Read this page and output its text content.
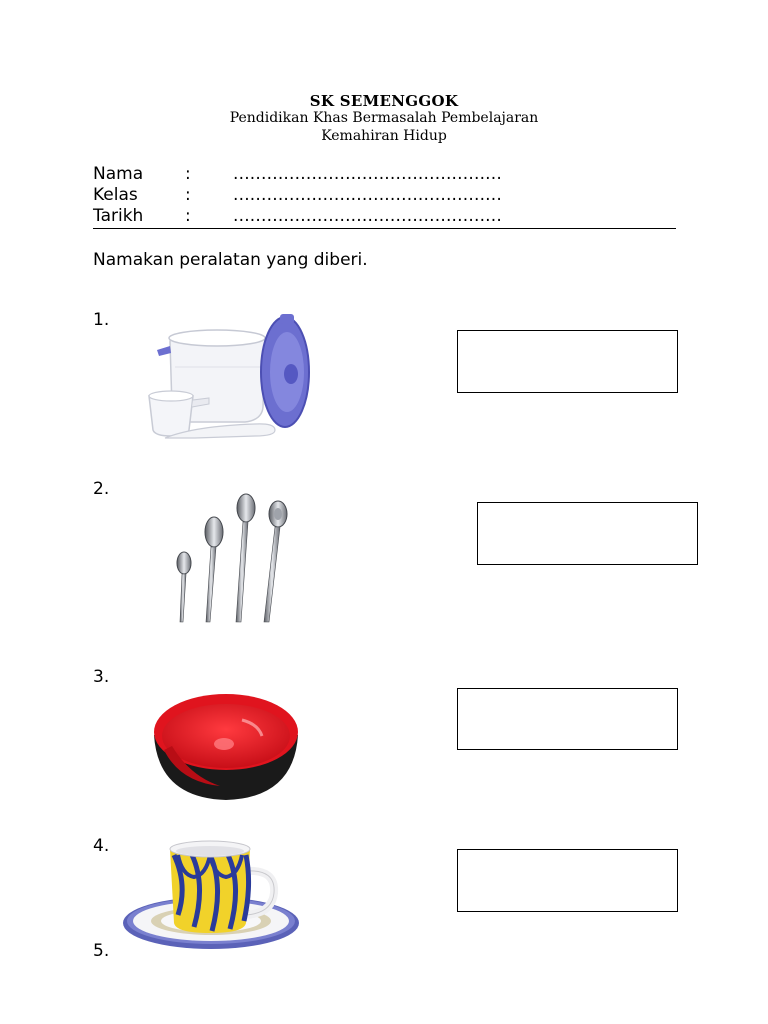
SK SEMENGGOK
Pendidikan Khas Bermasalah Pembelajaran
Kemahiran Hidup
Nama : ................................................
Kelas	: ................................................
Tarikh : ................................................
Namakan peralatan yang diberi.
1.
2.
3.
4.
5.
